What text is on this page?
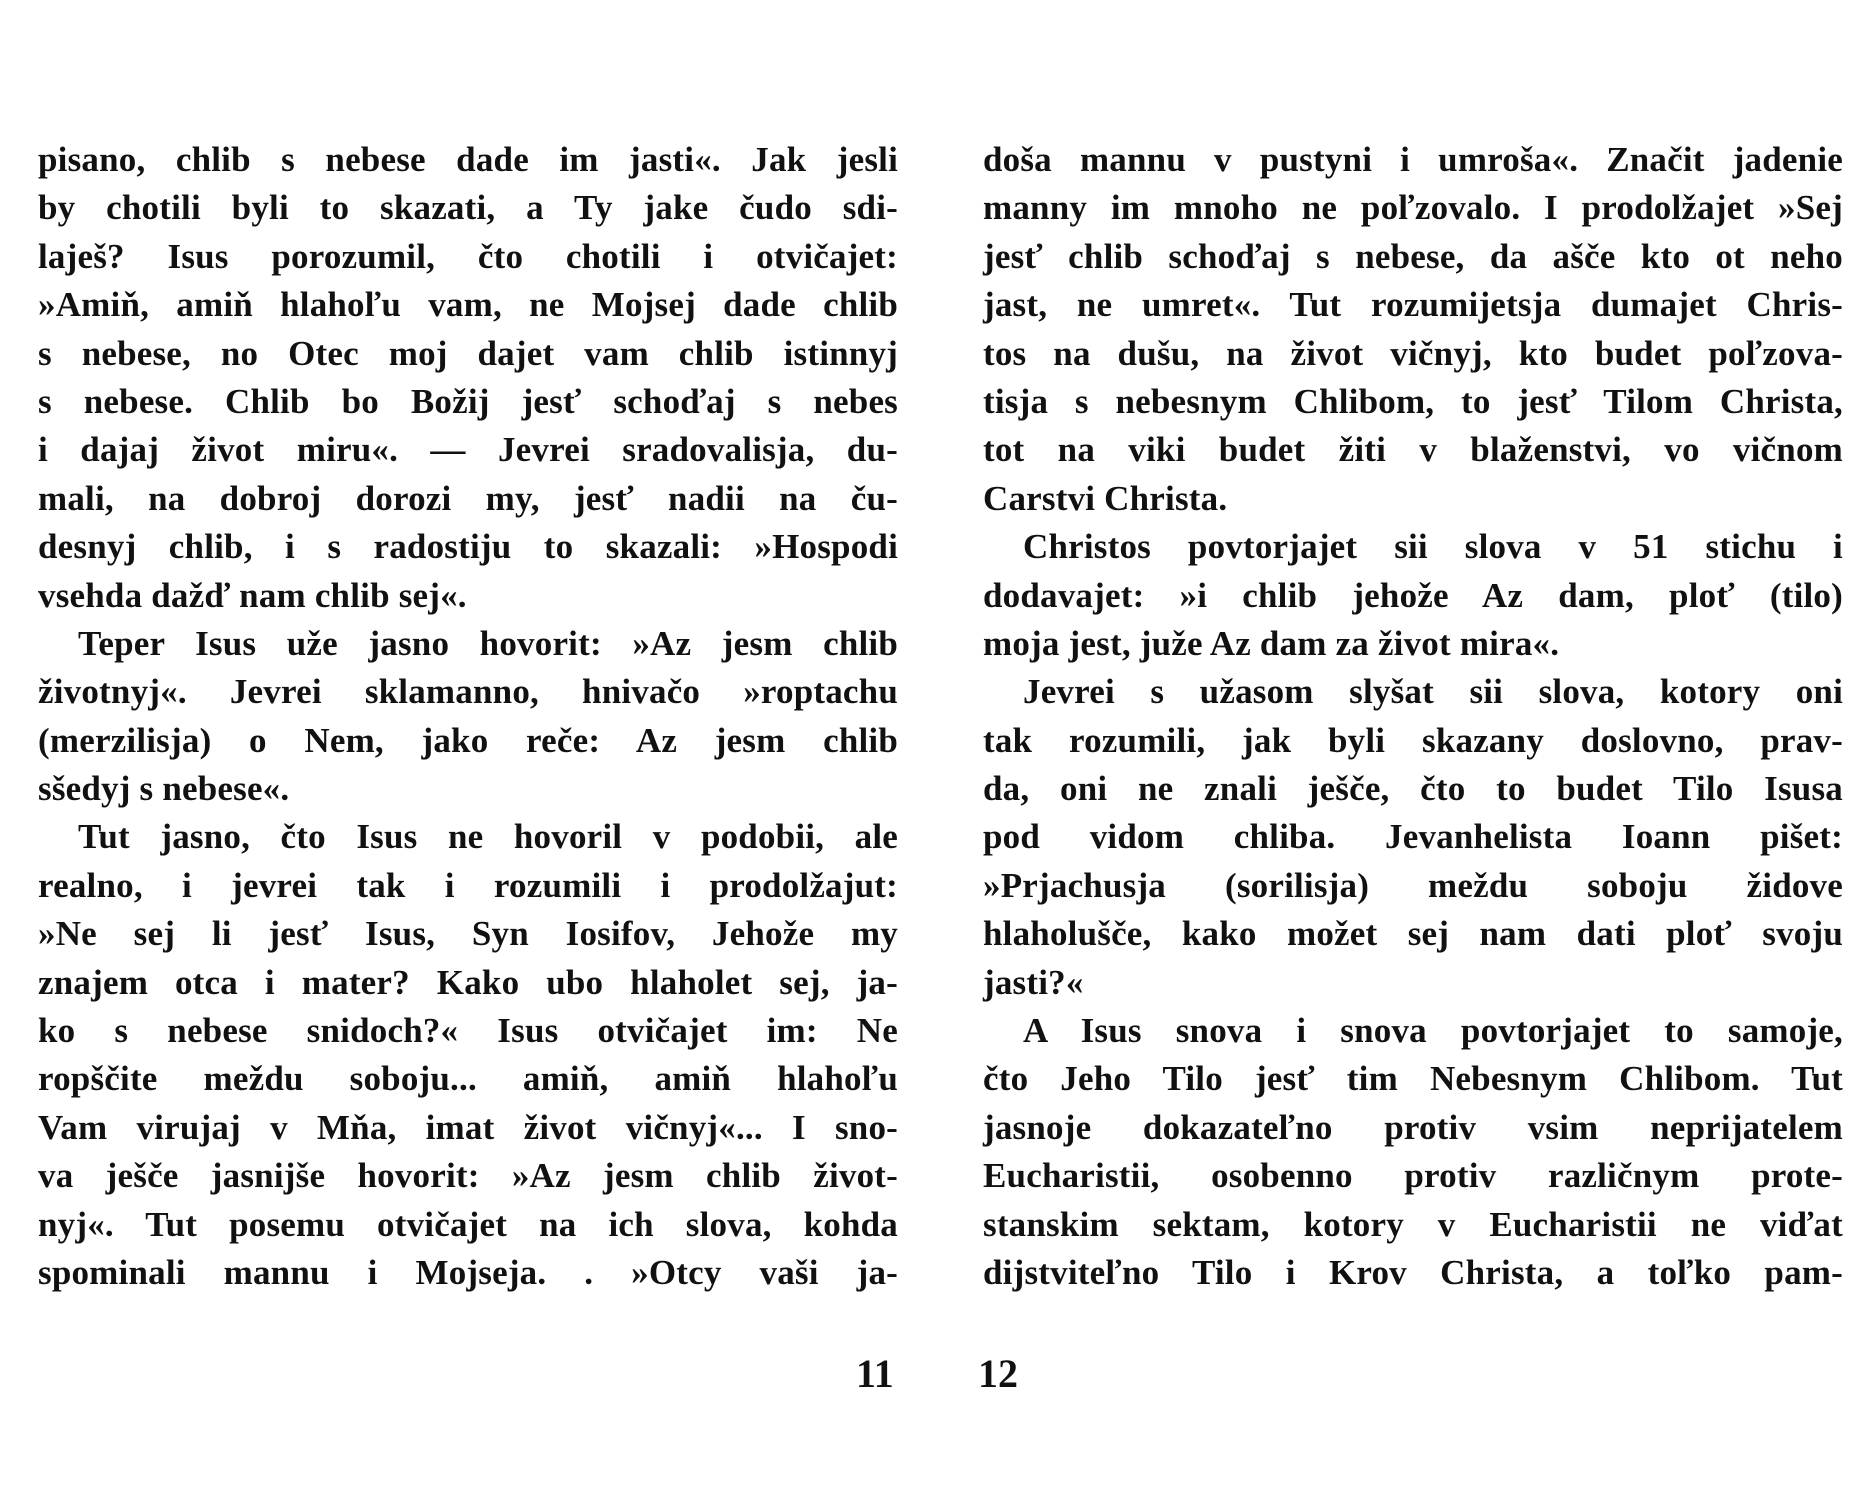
pisano, chlib s nebese dade im jasti«. Jak jesli
by chotili byli to skazati, a Ty jake čudo sdi-
laješ? Isus porozumil, čto chotili i otvičajet:
»Amiň, amiň hlahoľu vam, ne Mojsej dade chlib
s nebese, no Otec moj dajet vam chlib istinnyj
s nebese. Chlib bo Božij jesť schoďaj s nebes
i dajaj život miru«. — Jevrei sradovalisja, du-
mali, na dobroj dorozi my, jesť nadii na ču-
desnyj chlib, i s radostiju to skazali: »Hospodi
vsehda dažď nam chlib sej«.
Teper Isus uže jasno hovorit: »Az jesm chlib
životnyj«. Jevrei sklamanno, hnivačo »roptachu
(merzilisja) o Nem, jako reče: Az jesm chlib
sšedyj s nebese«.
Tut jasno, čto Isus ne hovoril v podobii, ale
realno, i jevrei tak i rozumili i prodolžajut:
»Ne sej li jesť Isus, Syn Iosifov, Jehože my
znajem otca i mater? Kako ubo hlaholet sej, ja-
ko s nebese snidoch?« Isus otvičajet im: Ne
ropščite meždu soboju... amiň, amiň hlahoľu
Vam virujaj v Mňa, imat život vičnyj«... I sno-
va ješče jasnijše hovorit: »Az jesm chlib život-
nyj«. Tut posemu otvičajet na ich slova, kohda
spominali mannu i Mojseja. . »Otcy vaši ja-
doša mannu v pustyni i umroša«. Značit jadenie
manny im mnoho ne poľzovalo. I prodolžajet »Sej
jesť chlib schoďaj s nebese, da ašče kto ot neho
jast, ne umret«. Tut rozumijetsja dumajet Chris-
tos na dušu, na život vičnyj, kto budet poľzova-
tisja s nebesnym Chlibom, to jesť Tilom Christa,
tot na viki budet žiti v blaženstvi, vo vičnom
Carstvi Christa.
Christos povtorjajet sii slova v 51 stichu i
dodavajet: »i chlib jehože Az dam, ploť (tilo)
moja jest, juže Az dam za život mira«.
Jevrei s užasom slyšat sii slova, kotory oni
tak rozumili, jak byli skazany doslovno, prav-
da, oni ne znali ješče, čto to budet Tilo Isusa
pod vidom chliba. Jevanhelista Ioann pišet:
»Prjachusja (sorilisja) meždu soboju židove
hlaholušče, kako možet sej nam dati ploť svoju
jasti?«
A Isus snova i snova povtorjajet to samoje,
čto Jeho Tilo jesť tim Nebesnym Chlibom. Tut
jasnoje dokazateľno protiv vsim neprijatelem
Eucharistii, osobenno protiv različnym prote-
stanskim sektam, kotory v Eucharistii ne viďat
dijstviteľno Tilo i Krov Christa, a toľko pam-
11 12
